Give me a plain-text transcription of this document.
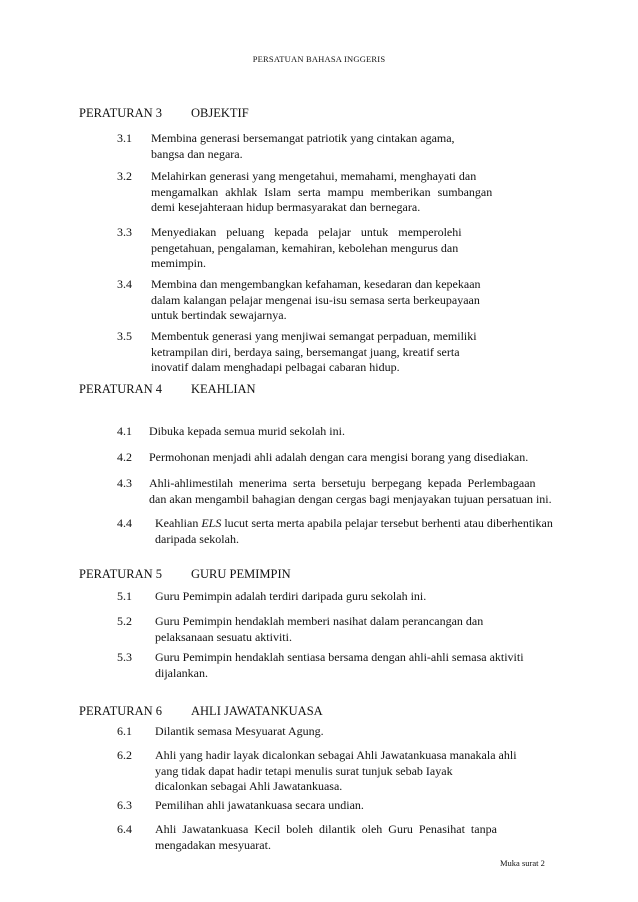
PERSATUAN BAHASA INGGERIS
PERATURAN 3 OBJEKTIF
3.1	Membina generasi bersemangat patriotik yang cintakan agama,
bangsa dan negara.
3.2	Melahirkan generasi yang mengetahui, memahami, menghayati dan
mengamalkan akhlak Islam serta mampu memberikan sumbangan
demi kesejahteraan hidup bermasyarakat dan bernegara.
3.3	Menyediakan peluang kepada pelajar untuk memperolehi
pengetahuan, pengalaman, kemahiran, kebolehan mengurus dan
memimpin.
3.4	Membina dan mengembangkan kefahaman, kesedaran dan kepekaan
dalam kalangan pelajar mengenai isu-isu semasa serta berkeupayaan
untuk bertindak sewajarnya.
3.5	Membentuk generasi yang menjiwai semangat perpaduan, memiliki
ketrampilan diri, berdaya saing, bersemangat juang, kreatif serta
inovatif dalam menghadapi pelbagai cabaran hidup.
PERATURAN 4 KEAHLIAN
4.1	Dibuka kepada semua murid sekolah ini.
4.2	Permohonan menjadi ahli adalah dengan cara mengisi borang yang disediakan.
4.3	Ahli-ahlimestilah menerima serta bersetuju berpegang kepada Perlembagaan
dan akan mengambil bahagian dengan cergas bagi menjayakan tujuan persatuan ini.
4.4	Keahlian ELS lucut serta merta apabila pelajar tersebut berhenti atau diberhentikan
daripada sekolah.
PERATURAN 5 GURU PEMIMPIN
5.1	Guru Pemimpin adalah terdiri daripada guru sekolah ini.
5.2	Guru Pemimpin hendaklah memberi nasihat dalam perancangan dan
pelaksanaan sesuatu aktiviti.
5.3	Guru Pemimpin hendaklah sentiasa bersama dengan ahli-ahli semasa aktiviti
dijalankan.
PERATURAN 6 AHLI JAWATANKUASA
6.1	Dilantik semasa Mesyuarat Agung.
6.2	Ahli yang hadir layak dicalonkan sebagai Ahli Jawatankuasa manakala ahli
yang tidak dapat hadir tetapi menulis surat tunjuk sebab Iayak
dicalonkan sebagai Ahli Jawatankuasa.
6.3	Pemilihan ahli jawatankuasa secara undian.
6.4	Ahli Jawatankuasa Kecil boleh dilantik oleh Guru Penasihat tanpa
mengadakan mesyuarat.
Muka surat 2
